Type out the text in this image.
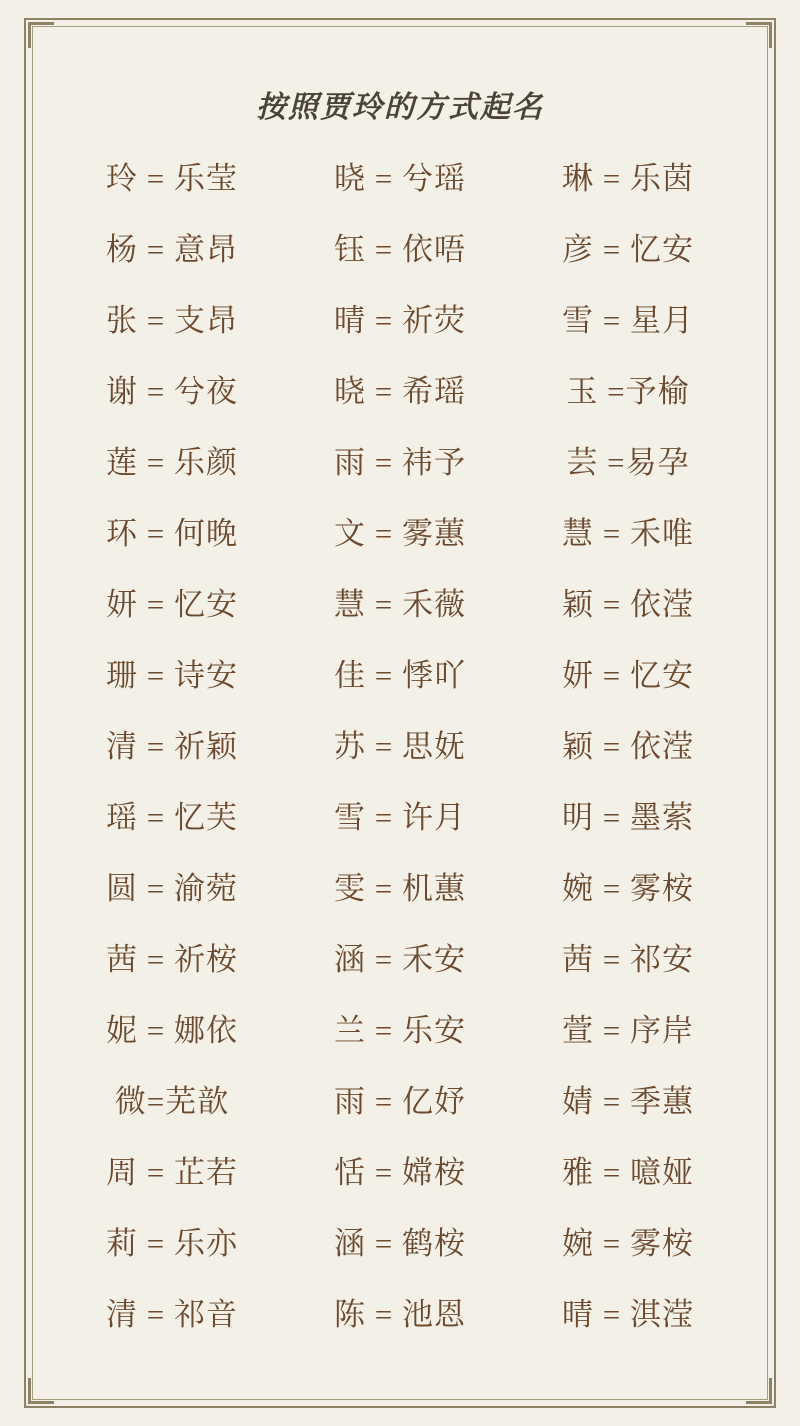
按照贾玲的方式起名
玲 = 乐莹	晓 = 兮瑶	琳 = 乐茵
杨 = 意昂	钰 = 依唔	彦 = 忆安
张 = 支昂	晴 = 祈荧	雪 = 星月
谢 = 兮夜	晓 = 希瑶	玉 =予榆
莲 = 乐颜	雨 = 祎予	芸 =易孕
环 = 何晚	文 = 雾蕙	慧 = 禾唯
妍 = 忆安	慧 = 禾薇	颖 = 依滢
珊 = 诗安	佳 = 悸吖	妍 = 忆安
清 = 祈颖	苏 = 思妩	颖 = 依滢
瑶 = 忆芙	雪 = 许月	明 = 墨萦
圆 = 渝菀	雯 = 机蕙	婉 = 雾桉
茜 = 祈桉	涵 = 禾安	茜 = 祁安
妮 = 娜依	兰 = 乐安	萱 = 序岸
微=芜歆	雨 = 亿妤	婧 = 季蕙
周 = 芷若	恬 = 嫦桉	雅 = 噫娅
莉 = 乐亦	涵 = 鹤桉	婉 = 雾桉
清 = 祁音	陈 = 池恩	晴 = 淇滢
